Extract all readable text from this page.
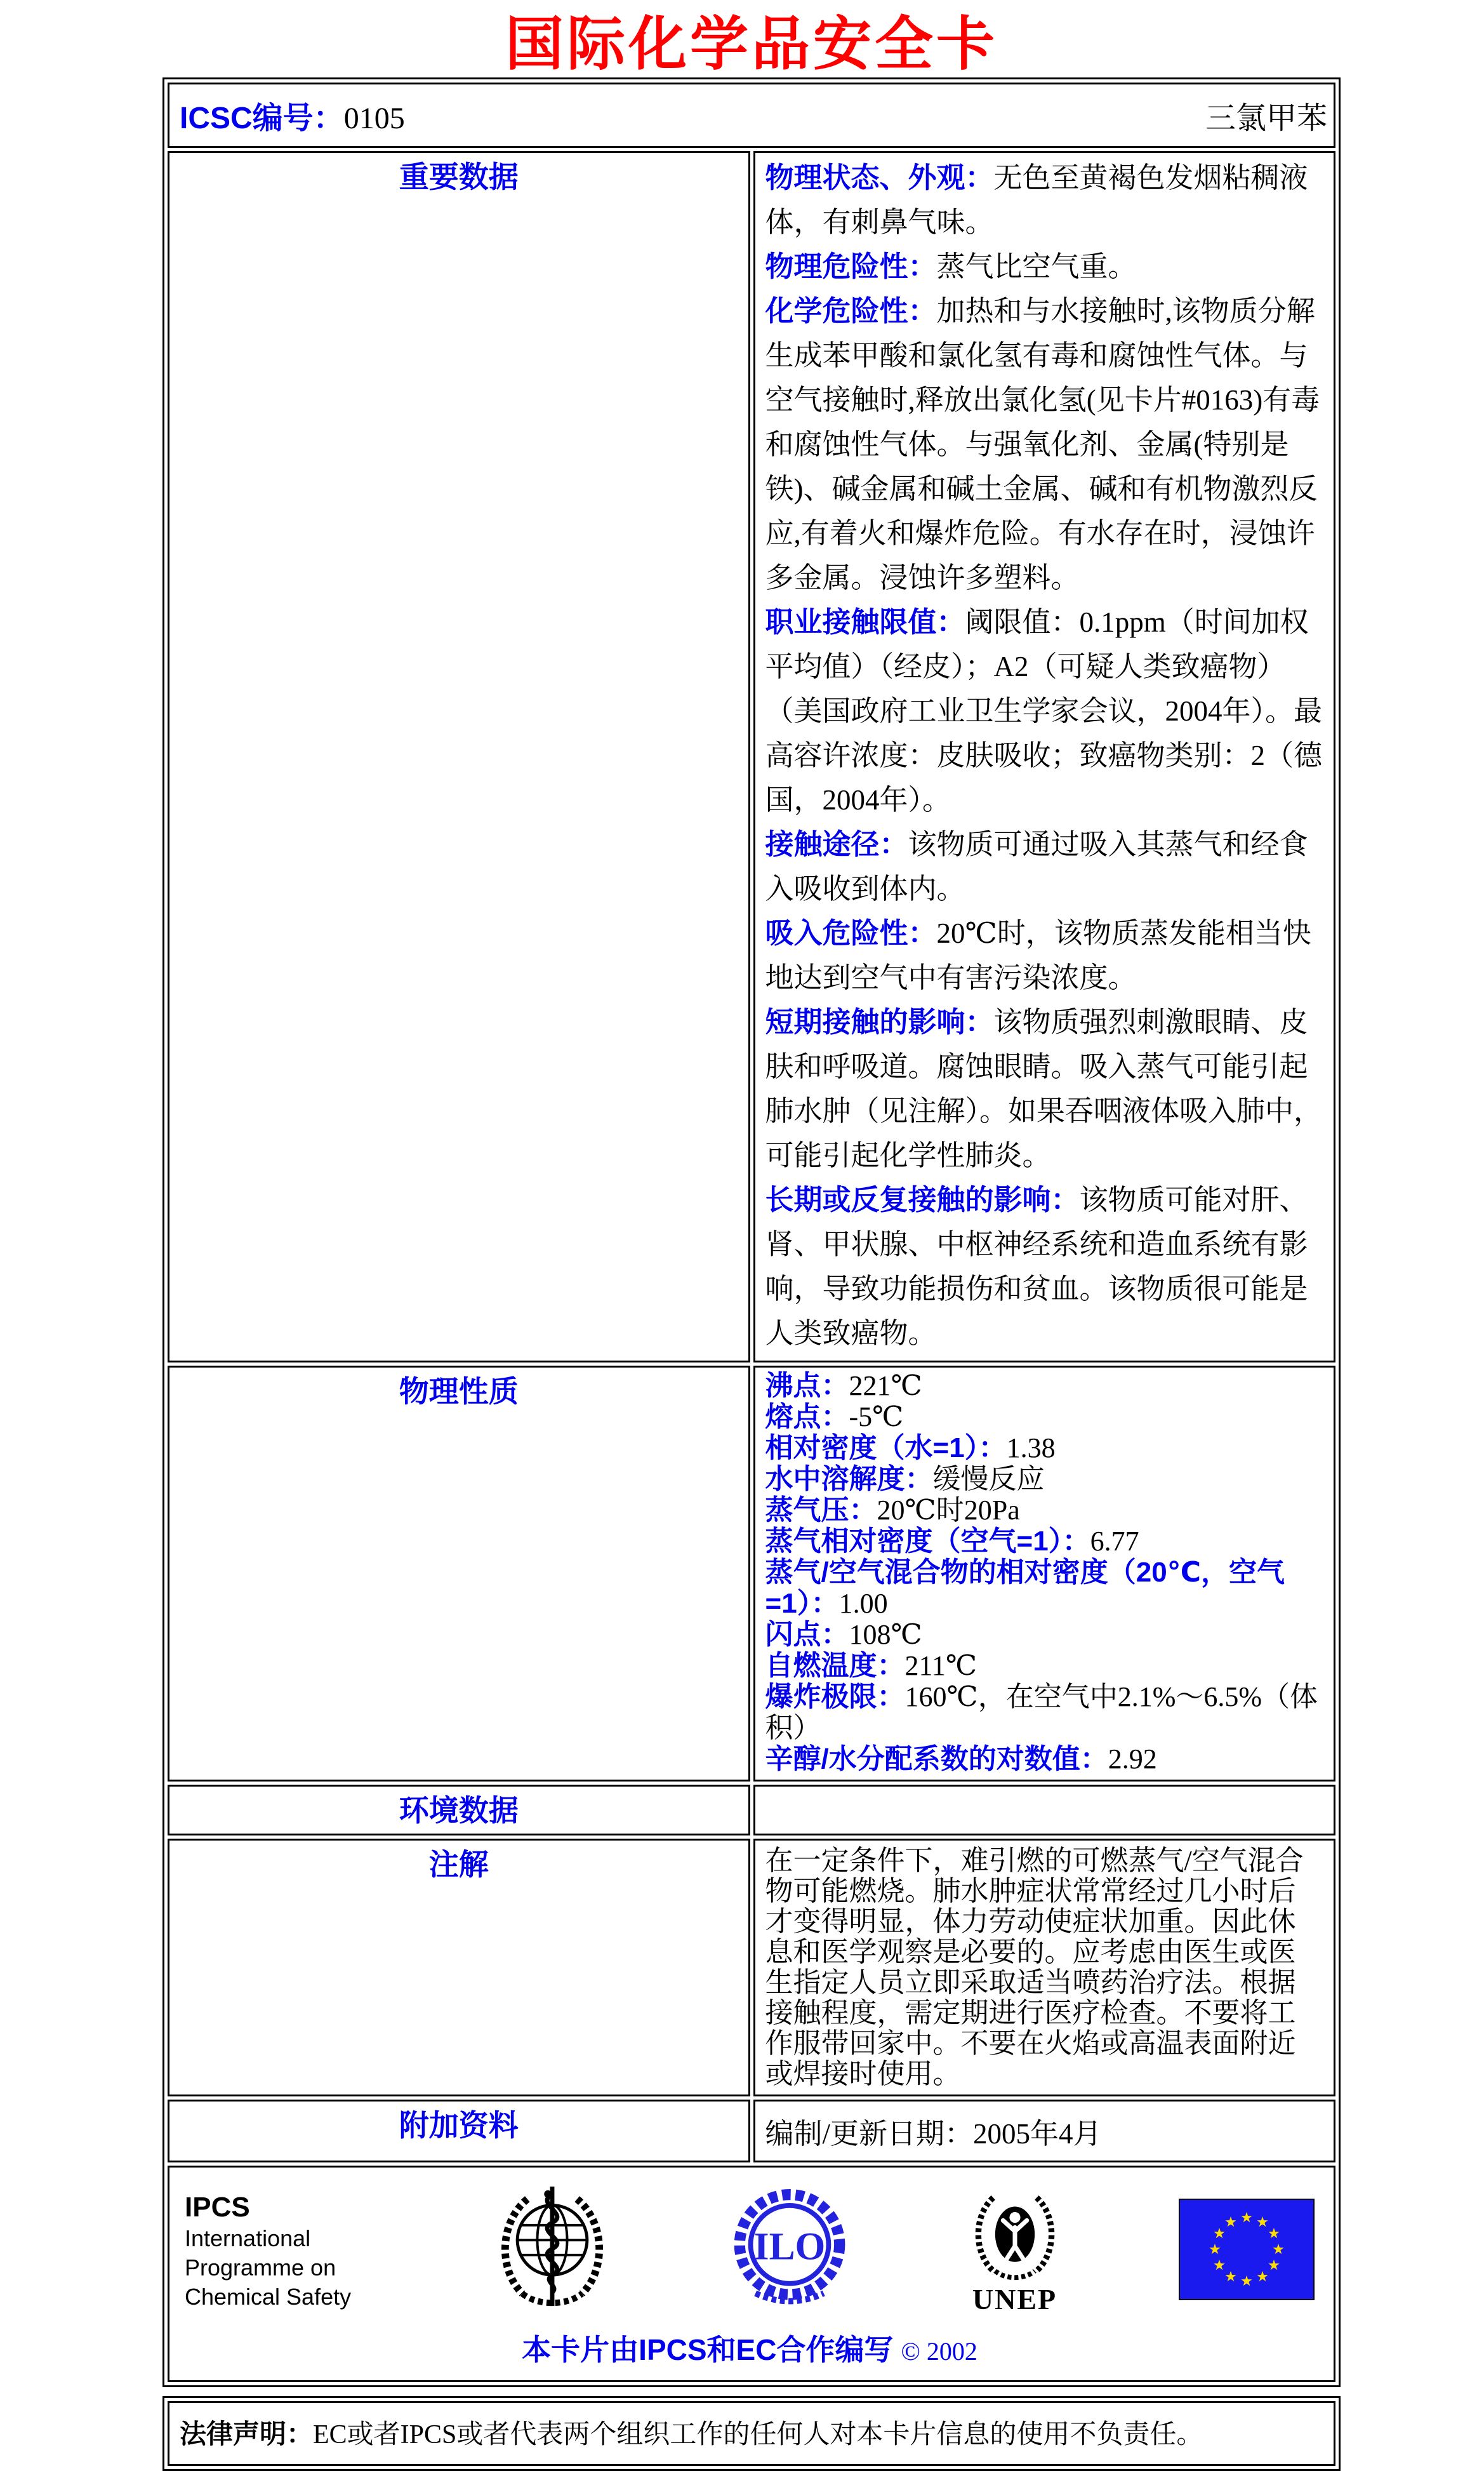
国际化学品安全卡
ICSC编号：0105 三氯甲苯	

重要数据	物理状态、外观：无色至黄褐色发烟粘稠液体，有刺鼻气味。

物理危险性：蒸气比空气重。

化学危险性：加热和与水接触时,该物质分解生成苯甲酸和氯化氢有毒和腐蚀性气体。与空气接触时,释放出氯化氢(见卡片#0163)有毒和腐蚀性气体。与强氧化剂、金属(特别是铁)、碱金属和碱土金属、碱和有机物激烈反应,有着火和爆炸危险。有水存在时，浸蚀许多金属。浸蚀许多塑料。

职业接触限值：阈限值：0.1ppm（时间加权平均值）（经皮）；A2（可疑人类致癌物）（美国政府工业卫生学家会议，2004年）。最高容许浓度：皮肤吸收；致癌物类别：2（德国，2004年）。

接触途径：该物质可通过吸入其蒸气和经食入吸收到体内。

吸入危险性：20℃时，该物质蒸发能相当快地达到空气中有害污染浓度。

短期接触的影响：该物质强烈刺激眼睛、皮肤和呼吸道。腐蚀眼睛。吸入蒸气可能引起肺水肿（见注解）。如果吞咽液体吸入肺中，可能引起化学性肺炎。

长期或反复接触的影响：该物质可能对肝、肾、甲状腺、中枢神经系统和造血系统有影响，导致功能损伤和贫血。该物质很可能是人类致癌物。

物理性质	沸点：221℃
熔点：-5℃
相对密度（水=1）：1.38
水中溶解度：缓慢反应
蒸气压：20℃时20Pa
蒸气相对密度（空气=1）：6.77
蒸气/空气混合物的相对密度（20℃，空气=1）：1.00
闪点：108℃
自燃温度：211℃
爆炸极限：160℃，在空气中2.1%～6.5%（体积）
辛醇/水分配系数的对数值：2.92

环境数据	
注解	在一定条件下，难引燃的可燃蒸气/空气混合物可能燃烧。肺水肿症状常常经过几小时后才变得明显，体力劳动使症状加重。因此休息和医学观察是必要的。应考虑由医生或医生指定人员立即采取适当喷药治疗法。根据接触程度，需定期进行医疗检查。不要将工作服带回家中。不要在火焰或高温表面附近或焊接时使用。

附加资料	编制/更新日期：2005年4月

IPCS
International
Programme on
Chemical Safety
ILO
UNEP
本卡片由IPCS和EC合作编写 © 2002
法律声明：EC或者IPCS或者代表两个组织工作的任何人对本卡片信息的使用不负责任。
